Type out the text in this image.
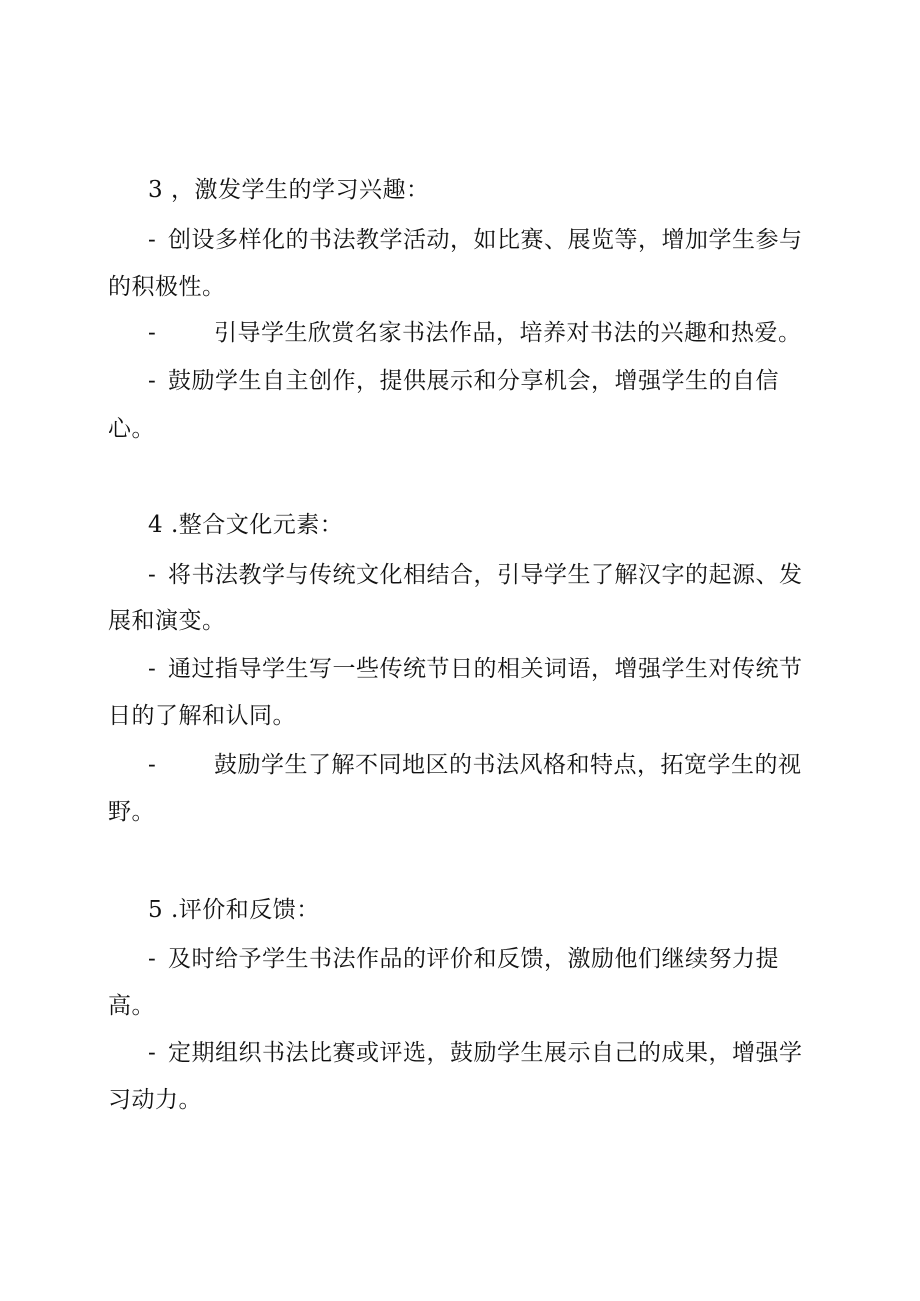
3 ，激发学生的学习兴趣：
- 创设多样化的书法教学活动，如比赛、展览等，增加学生参与
的积极性。
-	引导学生欣赏名家书法作品，培养对书法的兴趣和热爱。
- 鼓励学生自主创作，提供展示和分享机会，增强学生的自信
心。
4 .整合文化元素：
- 将书法教学与传统文化相结合，引导学生了解汉字的起源、发
展和演变。
- 通过指导学生写一些传统节日的相关词语，增强学生对传统节
日的了解和认同。
-	鼓励学生了解不同地区的书法风格和特点，拓宽学生的视
野。
5 .评价和反馈：
- 及时给予学生书法作品的评价和反馈，激励他们继续努力提
高。
- 定期组织书法比赛或评选，鼓励学生展示自己的成果，增强学
习动力。
